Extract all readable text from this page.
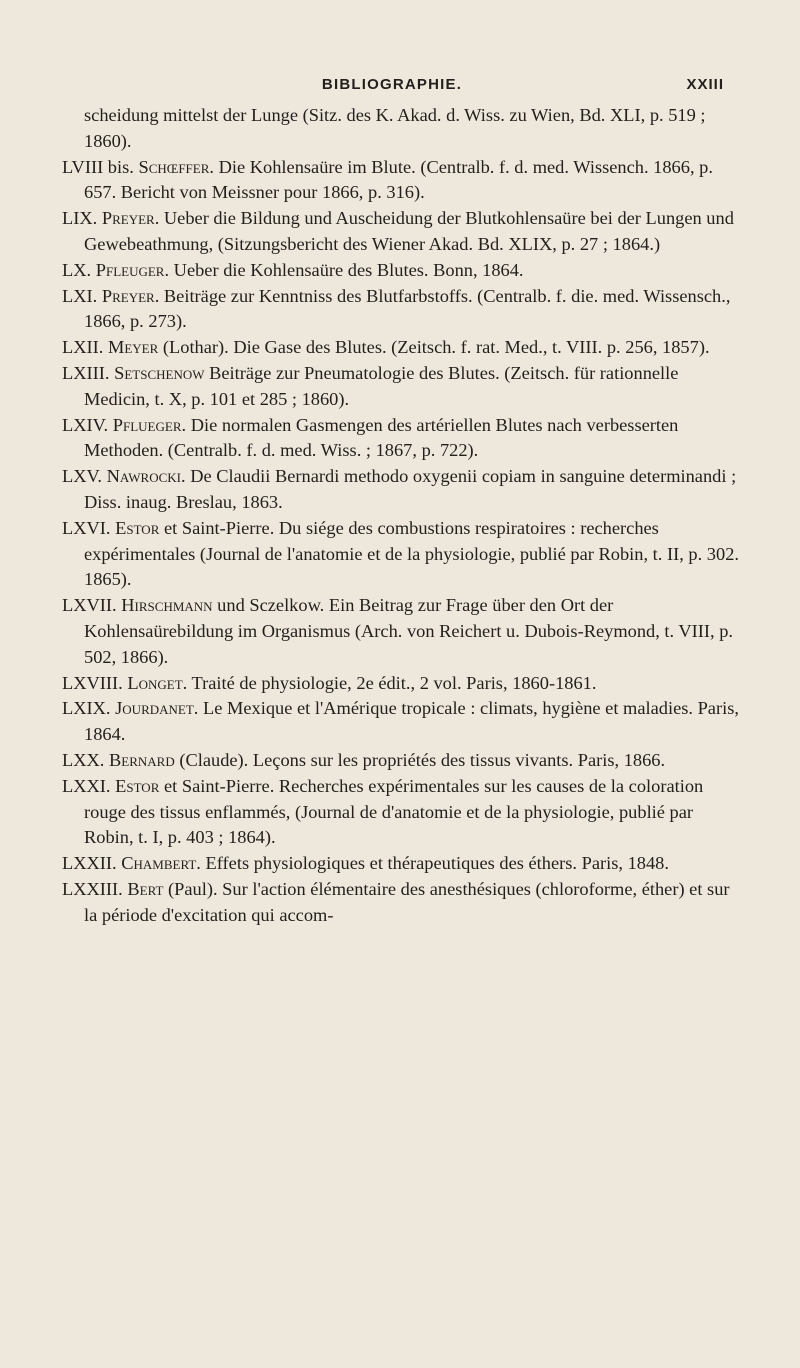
BIBLIOGRAPHIE.	XXIII

scheidung mittelst der Lunge (Sitz. des K. Akad. d. Wiss. zu Wien, Bd. XLI, p. 519 ; 1860).

LVIII bis. Schœffer. Die Kohlensaüre im Blute. (Centralb. f. d. med. Wissench. 1866, p. 657. Bericht von Meissner pour 1866, p. 316).

LIX. Preyer. Ueber die Bildung und Auscheidung der Blutkohlensaüre bei der Lungen und Gewebeathmung, (Sitzungsbericht des Wiener Akad. Bd. XLIX, p. 27 ; 1864.)

LX. Pfleuger. Ueber die Kohlensaüre des Blutes. Bonn, 1864.

LXI. Preyer. Beiträge zur Kenntniss des Blutfarbstoffs. (Centralb. f. die. med. Wissensch., 1866, p. 273).

LXII. Meyer (Lothar). Die Gase des Blutes. (Zeitsch. f. rat. Med., t. VIII. p. 256, 1857).

LXIII. Setschenow Beiträge zur Pneumatologie des Blutes. (Zeitsch. für rationnelle Medicin, t. X, p. 101 et 285 ; 1860).

LXIV. Pflueger. Die normalen Gasmengen des artériellen Blutes nach verbesserten Methoden. (Centralb. f. d. med. Wiss. ; 1867, p. 722).

LXV. Nawrocki. De Claudii Bernardi methodo oxygenii copiam in sanguine determinandi ; Diss. inaug. Breslau, 1863.

LXVI. Estor et Saint-Pierre. Du siége des combustions respiratoires : recherches expérimentales (Journal de l'anatomie et de la physiologie, publié par Robin, t. II, p. 302. 1865).

LXVII. Hirschmann und Sczelkow. Ein Beitrag zur Frage über den Ort der Kohlensaürebildung im Organismus (Arch. von Reichert u. Dubois-Reymond, t. VIII, p. 502, 1866).

LXVIII. Longet. Traité de physiologie, 2e édit., 2 vol. Paris, 1860-1861.

LXIX. Jourdanet. Le Mexique et l'Amérique tropicale : climats, hygiène et maladies. Paris, 1864.

LXX. Bernard (Claude). Leçons sur les propriétés des tissus vivants. Paris, 1866.

LXXI. Estor et Saint-Pierre. Recherches expérimentales sur les causes de la coloration rouge des tissus enflammés, (Journal de d'anatomie et de la physiologie, publié par Robin, t. I, p. 403 ; 1864).

LXXII. Chambert. Effets physiologiques et thérapeutiques des éthers. Paris, 1848.

LXXIII. Bert (Paul). Sur l'action élémentaire des anesthésiques (chloroforme, éther) et sur la période d'excitation qui accom-
